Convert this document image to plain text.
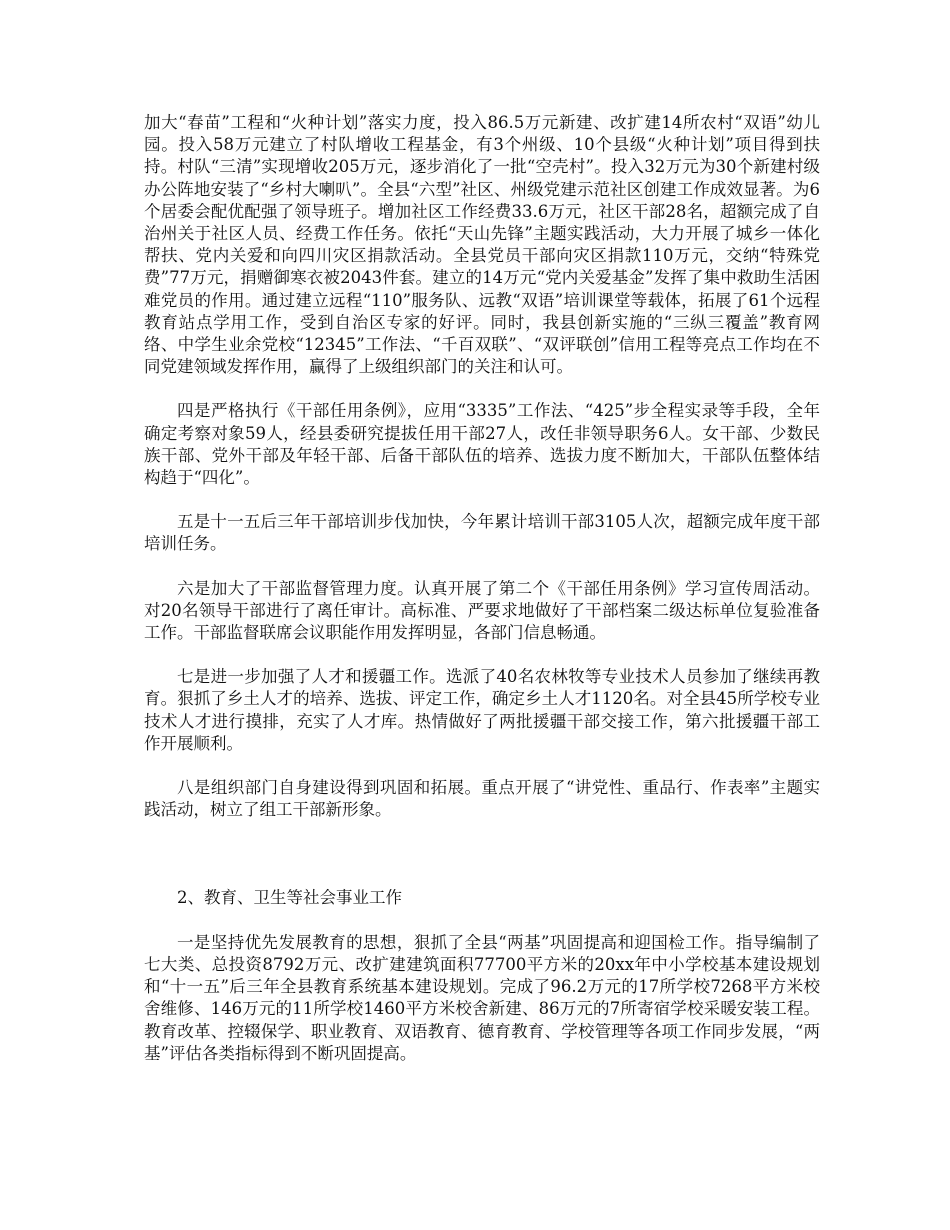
加大“春苗”工程和“火种计划”落实力度，投入86.5万元新建、改扩建14所农村“双语”幼儿园。投入58万元建立了村队增收工程基金，有3个州级、10个县级“火种计划”项目得到扶持。村队“三清”实现增收205万元，逐步消化了一批“空壳村”。投入32万元为30个新建村级办公阵地安装了“乡村大喇叭”。全县“六型”社区、州级党建示范社区创建工作成效显著。为6个居委会配优配强了领导班子。增加社区工作经费33.6万元，社区干部28名，超额完成了自治州关于社区人员、经费工作任务。依托“天山先锋”主题实践活动，大力开展了城乡一体化帮扶、党内关爱和向四川灾区捐款活动。全县党员干部向灾区捐款110万元，交纳“特殊党费”77万元，捐赠御寒衣被2043件套。建立的14万元“党内关爱基金”发挥了集中救助生活困难党员的作用。通过建立远程“110”服务队、远教“双语”培训课堂等载体，拓展了61个远程教育站点学用工作，受到自治区专家的好评。同时，我县创新实施的“三纵三覆盖”教育网络、中学生业余党校“12345”工作法、“千百双联”、“双评联创”信用工程等亮点工作均在不同党建领域发挥作用，赢得了上级组织部门的关注和认可。

四是严格执行《干部任用条例》，应用“3335”工作法、“425”步全程实录等手段，全年确定考察对象59人，经县委研究提拔任用干部27人，改任非领导职务6人。女干部、少数民族干部、党外干部及年轻干部、后备干部队伍的培养、选拔力度不断加大，干部队伍整体结构趋于“四化”。

五是十一五后三年干部培训步伐加快，今年累计培训干部3105人次，超额完成年度干部培训任务。

六是加大了干部监督管理力度。认真开展了第二个《干部任用条例》学习宣传周活动。对20名领导干部进行了离任审计。高标准、严要求地做好了干部档案二级达标单位复验准备工作。干部监督联席会议职能作用发挥明显，各部门信息畅通。

七是进一步加强了人才和援疆工作。选派了40名农林牧等专业技术人员参加了继续再教育。狠抓了乡土人才的培养、选拔、评定工作，确定乡土人才1120名。对全县45所学校专业技术人才进行摸排，充实了人才库。热情做好了两批援疆干部交接工作，第六批援疆干部工作开展顺利。

八是组织部门自身建设得到巩固和拓展。重点开展了“讲党性、重品行、作表率”主题实践活动，树立了组工干部新形象。

2、教育、卫生等社会事业工作

一是坚持优先发展教育的思想，狠抓了全县“两基”巩固提高和迎国检工作。指导编制了七大类、总投资8792万元、改扩建建筑面积77700平方米的20xx年中小学校基本建设规划和“十一五”后三年全县教育系统基本建设规划。完成了96.2万元的17所学校7268平方米校舍维修、146万元的11所学校1460平方米校舍新建、86万元的7所寄宿学校采暖安装工程。教育改革、控辍保学、职业教育、双语教育、德育教育、学校管理等各项工作同步发展，“两基”评估各类指标得到不断巩固提高。
